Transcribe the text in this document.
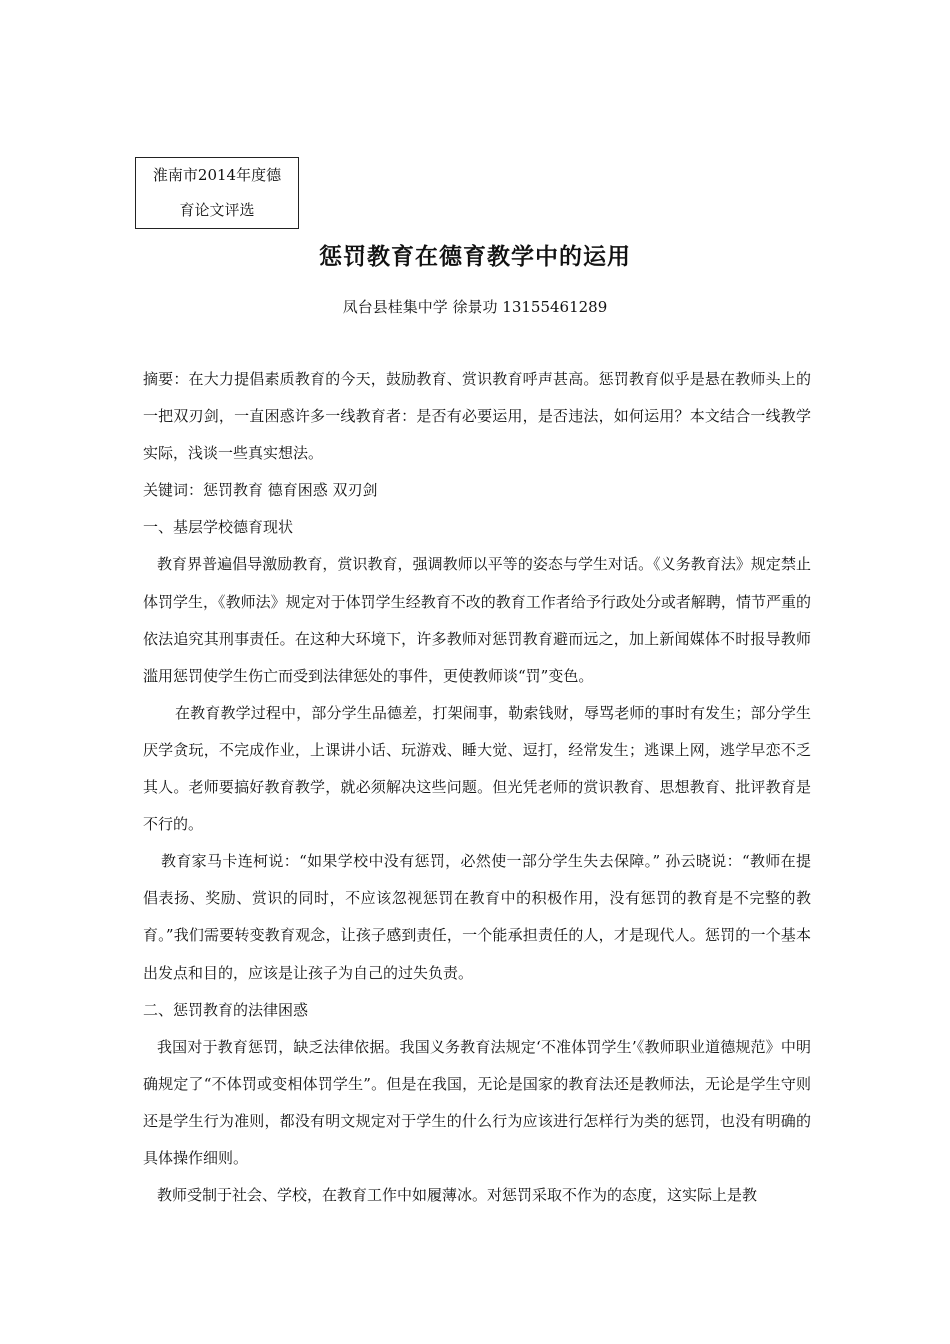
淮南市2014年度德
育论文评选
惩罚教育在德育教学中的运用
凤台县桂集中学 徐景功 13155461289

摘要：在大力提倡素质教育的今天，鼓励教育、赏识教育呼声甚高。惩罚教育似乎是悬在教师头上的一把双刃剑，一直困惑许多一线教育者：是否有必要运用，是否违法，如何运用？本文结合一线教学实际，浅谈一些真实想法。

关键词：惩罚教育 德育困惑 双刃剑

一、基层学校德育现状

教育界普遍倡导激励教育，赏识教育，强调教师以平等的姿态与学生对话。《义务教育法》规定禁止体罚学生，《教师法》规定对于体罚学生经教育不改的教育工作者给予行政处分或者解聘，情节严重的依法追究其刑事责任。在这种大环境下，许多教师对惩罚教育避而远之，加上新闻媒体不时报导教师滥用惩罚使学生伤亡而受到法律惩处的事件，更使教师谈“罚”变色。

在教育教学过程中，部分学生品德差，打架闹事，勒索钱财，辱骂老师的事时有发生；部分学生厌学贪玩，不完成作业，上课讲小话、玩游戏、睡大觉、逗打，经常发生；逃课上网，逃学早恋不乏其人。老师要搞好教育教学，就必须解决这些问题。但光凭老师的赏识教育、思想教育、批评教育是不行的。

教育家马卡连柯说：“如果学校中没有惩罚，必然使一部分学生失去保障。” 孙云晓说：“教师在提倡表扬、奖励、赏识的同时，不应该忽视惩罚在教育中的积极作用，没有惩罚的教育是不完整的教育。”我们需要转变教育观念，让孩子感到责任，一个能承担责任的人，才是现代人。惩罚的一个基本出发点和目的，应该是让孩子为自己的过失负责。

二、惩罚教育的法律困惑

我国对于教育惩罚，缺乏法律依据。我国义务教育法规定‘不准体罚学生’《教师职业道德规范》中明确规定了“不体罚或变相体罚学生”。但是在我国，无论是国家的教育法还是教师法，无论是学生守则还是学生行为准则，都没有明文规定对于学生的什么行为应该进行怎样行为类的惩罚，也没有明确的具体操作细则。

教师受制于社会、学校，在教育工作中如履薄冰。对惩罚采取不作为的态度，这实际上是教
